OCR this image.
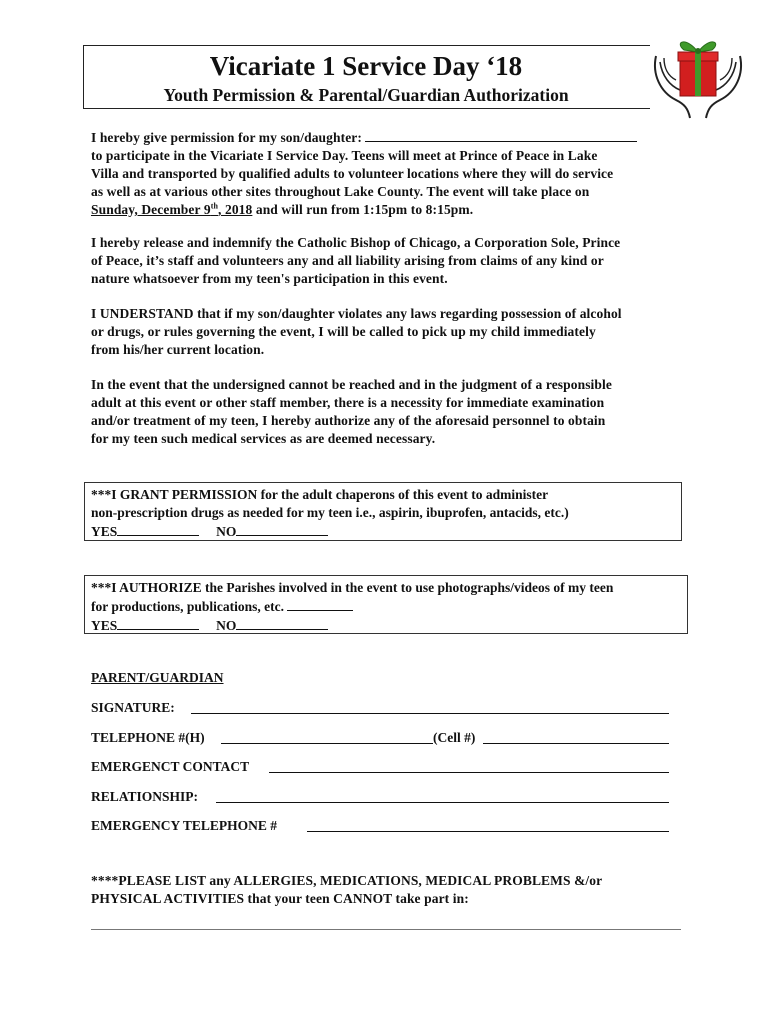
Vicariate 1 Service Day ‘18
Youth Permission & Parental/Guardian Authorization
I hereby give permission for my son/daughter:
to participate in the Vicariate I Service Day. Teens will meet at Prince of Peace in Lake
Villa and transported by qualified adults to volunteer locations where they will do service
as well as at various other sites throughout Lake County. The event will take place on
Sunday, December 9th, 2018 and will run from 1:15pm to 8:15pm.
I hereby release and indemnify the Catholic Bishop of Chicago, a Corporation Sole, Prince
of Peace, it’s staff and volunteers any and all liability arising from claims of any kind or
nature whatsoever from my teen's participation in this event.
I UNDERSTAND that if my son/daughter violates any laws regarding possession of alcohol
or drugs, or rules governing the event, I will be called to pick up my child immediately
from his/her current location.
In the event that the undersigned cannot be reached and in the judgment of a responsible
adult at this event or other staff member, there is a necessity for immediate examination
and/or treatment of my teen, I hereby authorize any of the aforesaid personnel to obtain
for my teen such medical services as are deemed necessary.
***I GRANT PERMISSION for the adult chaperons of this event to administer
non-prescription drugs as needed for my teen i.e., aspirin, ibuprofen, antacids, etc.)
YES	NO
***I AUTHORIZE the Parishes involved in the event to use photographs/videos of my teen
for productions, publications, etc.
YES	NO
PARENT/GUARDIAN
SIGNATURE:
TELEPHONE #(H)	(Cell #)
EMERGENCT CONTACT
RELATIONSHIP:
EMERGENCY TELEPHONE #
****PLEASE LIST any ALLERGIES, MEDICATIONS, MEDICAL PROBLEMS &/or
PHYSICAL ACTIVITIES that your teen CANNOT take part in:
